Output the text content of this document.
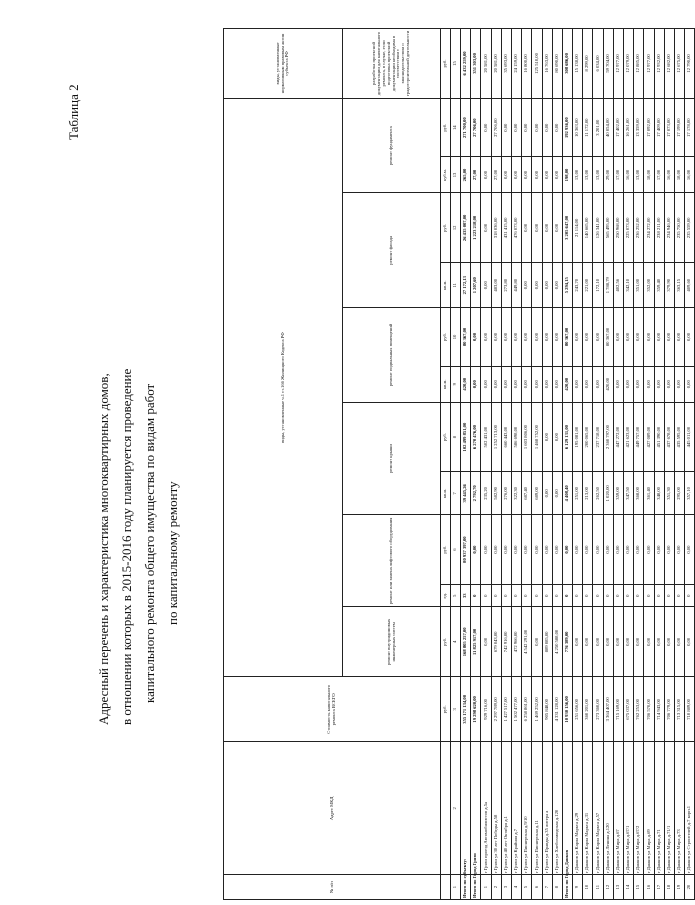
Таблица 2
Адресный перечень и характеристика многоквартирных домов, в отношении которых в 2015-2016 году планируется проведение капитального ремонта общего имущества по видам работ по капитальному ремонту
№ п/п	Адрес МКД	Стоимость капитального ремонта ВСЕГО	виды, установленные ч.1 ст.166 Жилищного Кодекса РФ											виды, установленные нормативным правовым актом субъекта РФ
			ремонт внутридомовых инженерных систем	ремонт или замена лифтового оборудования		ремонт крыши		ремонт подвальных помещений		ремонт фасада		ремонт фундамента		разработка проектной документации для капитального ремонта, в случае, если подготовка проектной документации необходима в соответствии с законодательством о градостроительной деятельности
		руб.	руб.	ед.	руб.	кв.м.	руб.	кв.м.	руб.	кв.м.	руб.	куб.м.	руб.	руб.
1	2	3	4	5	6	7	8	9	10	11	12	13	14	15
Итого по субъекту:		355 171 134,00	168 805 257,00	33	80 937 397,00	39 445,26	102 499 851,00	420,00	80 367,00	27 172,13	26 435 007,00	265,00	271 700,00	6 432 259,00
Итого по Город Грязи		19 298 620,00	11 825 917,00	0	0,00	2 792,70	6 270 476,00	0,00	0,00	1 207,60	1 223 218,00	27,00	27 706,00	351 303,00
1	г Грязи проезд Автомобилистов д.5а	929 716,00	0,00	0	0,00	235,20	502 431,00	0,00	0,00	0,00	0,00	0,00	0,00	20 581,00
2	г Грязи ул 30 лет Победы д.58	2 297 789,00	679 043,00	0	0,00	582,90	1 252 713,00	0,00	0,00	483,00	318 036,00	27,00	27 706,00	20 581,00
3	г Грязи ул 40 лет Октября д.1	1 427 517,00	742 916,00	0	0,00	276,00	660 443,00	0,00	0,00	273,80	431 415,00	0,00	0,00	35 693,00
4	г Грязи ул Крайняя д.7	1 502 477,00	472 966,00	0	0,00	322,30	586 698,00	0,00	0,00	449,80	476 073,00	0,00	0,00	24 159,00
5	г Грязи ул Пионерская д.9/10	6 258 861,00	4 542 291,00	0	0,00	687,40	1 603 806,00	0,00	0,00	0,00	0,00	0,00	0,00	16 800,00
6	г Грязи ул Пионерская д.11	1 469 252,00	0,00	0	0,00	689,00	1 468 752,00	0,00	0,00	0,00	0,00	0,00	0,00	125 510,00
7	г Грязи ул Правды д.35 литера а	905 848,00	889 085,00	0	0,00	0,00	0,00	0,00	0,00	0,00	0,00	0,00	0,00	16 763,00
8	г Грязи ул Хлебозаводская д.120	4 331 128,00	4 250 588,00	0	0,00	0,00	0,00	0,00	0,00	0,00	0,00	0,00	0,00	80 690,00
Итого по Город Данков		10 930 156,00	776 389,00	0	0,00	4 408,40	6 129 131,00	420,00	80 367,00	5 294,15	3 205 647,00	198,00	192 936,00	308 686,00
9	г Данков ул Карла Маркса д.29	251 656,00	0,00	0	0,00	251,00	195 081,00	0,00	0,00	243,70	21 114,00	13,00	10 363,00	15 138,00
10	г Данков ул Карла Маркса д.31	360 201,00	0,00	0	0,00	213,00	200 065,00	0,00	0,00	221,00	140 665,00	13,00	11 172,00	8 299,00
11	г Данков ул Карла Маркса д.57	273 360,00	0,00	0	0,00	262,50	237 718,00	0,00	0,00	172,10	126 341,00	13,00	3 201,00	6 034,00
12	г Данков ул Ленина д.120	3 364 407,00	0,00	0	0,00	1 020,00	2 360 797,00	420,00	80 367,00	1 788,79	565 495,00	29,00	40 054,00	59 704,00
13	г Данков ул Мира д.67	715 169,00	0,00	0	0,00	359,00	447 272,00	0,00	0,00	402,56	250 968,00	17,00	17 402,00	12 977,00
14	г Данков ул Мира д.67/1	675 037,00	0,00	0	0,00	347,50	421 623,00	0,00	0,00	342,10	225 073,00	16,00	16 261,00	12 079,00
15	г Данков ул Мира д.67/2	762 253,00	0,00	0	0,00	368,00	449 757,00	0,00	0,00	351,00	236 252,00	13,00	13 359,00	12 885,00
16	г Данков ул Мира д.69	706 570,00	0,00	0	0,00	361,40	427 089,00	0,00	0,00	352,00	234 272,00	18,00	17 092,00	12 977,00
17	г Данков ул Мира д.71	714 943,00	0,00	0	0,00	348,00	451 390,00	0,00	0,00	359,40	238 211,00	17,00	17 409,00	12 932,00
18	г Данков ул Мира д.71/1	706 779,00	0,00	0	0,00	351,30	437 678,00	0,00	0,00	379,90	234 946,00	16,00	17 073,00	12 682,00
19	г Данков ул Мира д.73	713 315,00	0,00	0	0,00	295,00	435 595,00	0,00	0,00	363,15	235 750,00	18,00	17 199,00	12 675,00
20	г Данков ул Строителей д.7 корп.1	710 889,00	0,00	0	0,00	357,10	445 011,00	0,00	0,00	409,60	235 559,00	16,00	17 178,00	12 790,00
